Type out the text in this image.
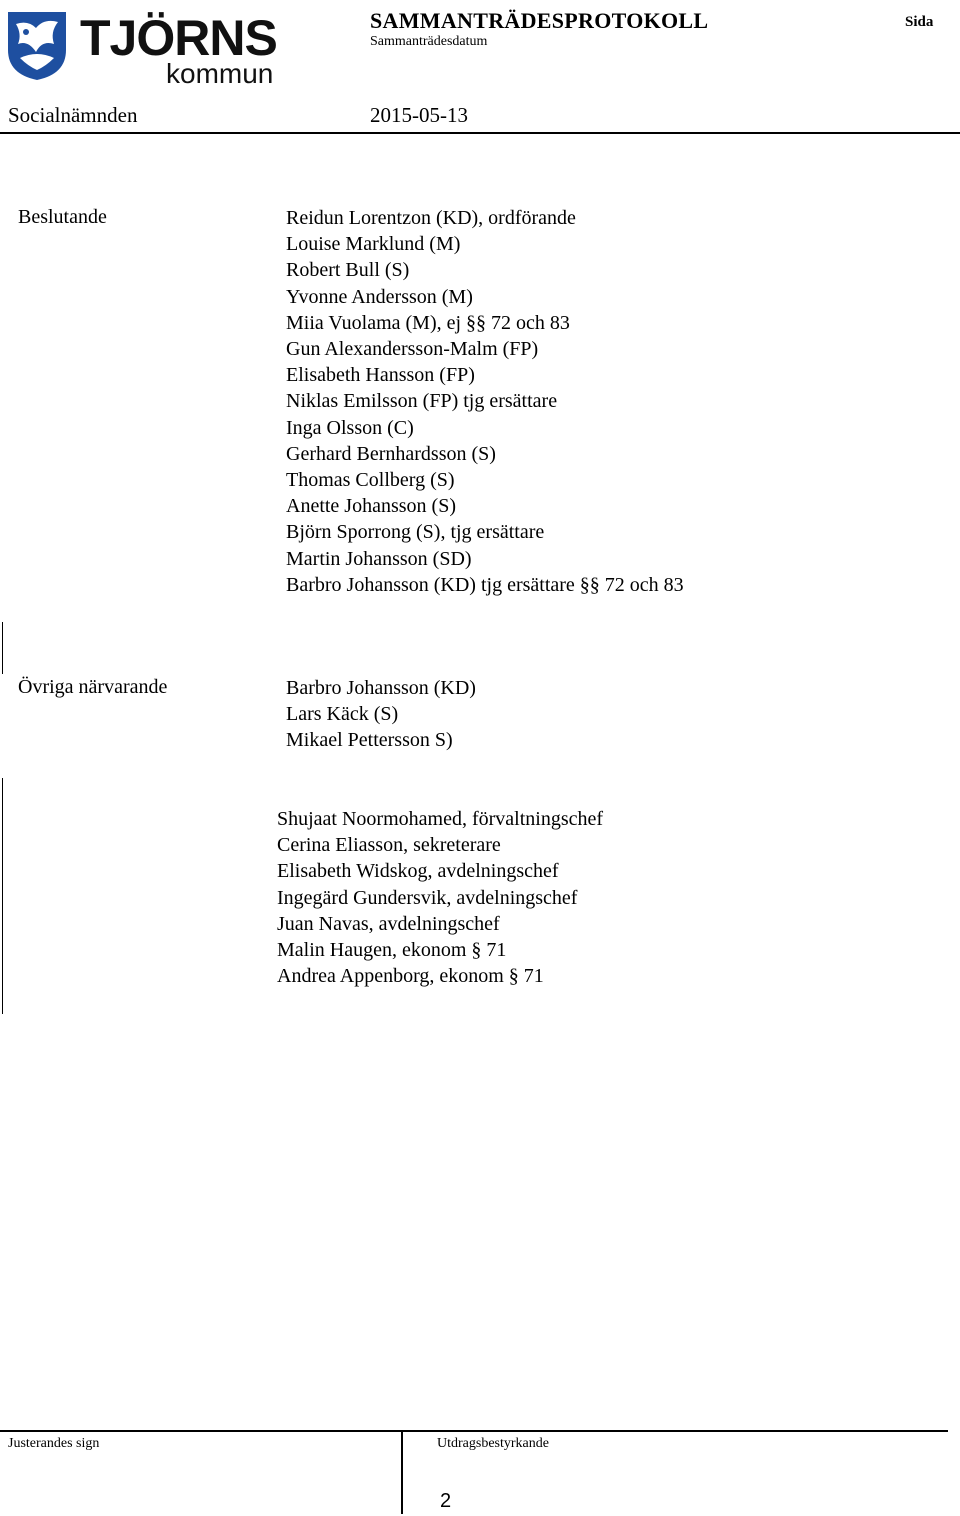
TJÖRNS
kommun
SAMMANTRÄDESPROTOKOLL
Sammanträdesdatum
Sida
Socialnämnden	2015-05-13
Beslutande	Reidun Lorentzon (KD), ordförande
Louise Marklund (M)
Robert Bull (S)
Yvonne Andersson (M)
Miia Vuolama (M), ej §§ 72 och 83
Gun Alexandersson-Malm (FP)
Elisabeth Hansson (FP)
Niklas Emilsson (FP) tjg ersättare
Inga Olsson (C)
Gerhard Bernhardsson (S)
Thomas Collberg (S)
Anette Johansson (S)
Björn Sporrong (S), tjg ersättare
Martin Johansson (SD)
Barbro Johansson (KD) tjg ersättare §§ 72 och 83
Övriga närvarande	Barbro Johansson (KD)
Lars Käck (S)
Mikael Pettersson S)
Shujaat Noormohamed, förvaltningschef
Cerina Eliasson, sekreterare
Elisabeth Widskog, avdelningschef
Ingegärd Gundersvik, avdelningschef
Juan Navas, avdelningschef
Malin Haugen, ekonom § 71
Andrea Appenborg, ekonom § 71
Justerandes sign	Utdragsbestyrkande
2
